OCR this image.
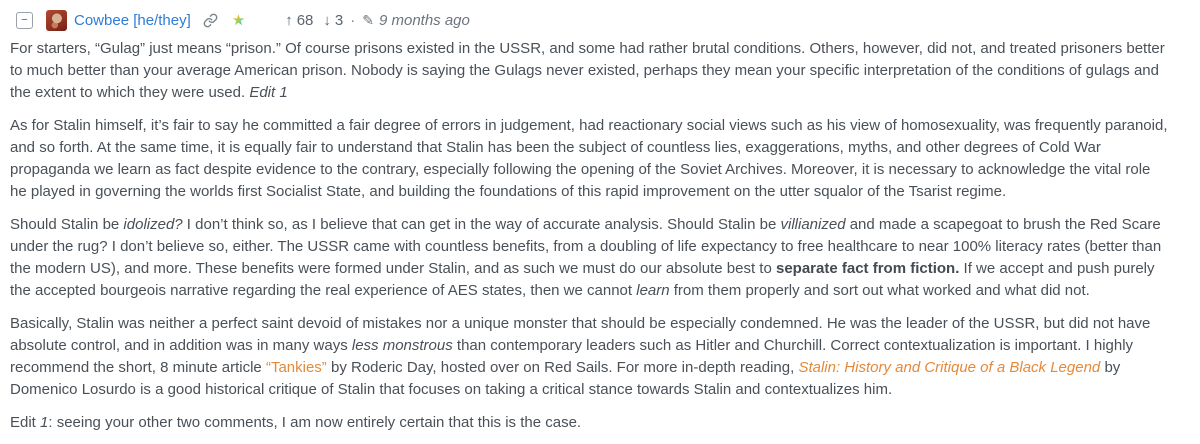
−	Cowbee [he/they]	★	↑ 68 ↓ 3 · ✎ 9 months ago

For starters, “Gulag” just means “prison.” Of course prisons existed in the USSR, and some had rather brutal conditions. Others, however, did not, and treated prisoners better to much better than your average American prison. Nobody is saying the Gulags never existed, perhaps they mean your specific interpretation of the conditions of gulags and the extent to which they were used. Edit 1

As for Stalin himself, it’s fair to say he committed a fair degree of errors in judgement, had reactionary social views such as his view of homosexuality, was frequently paranoid, and so forth. At the same time, it is equally fair to understand that Stalin has been the subject of countless lies, exaggerations, myths, and other degrees of Cold War propaganda we learn as fact despite evidence to the contrary, especially following the opening of the Soviet Archives. Moreover, it is necessary to acknowledge the vital role he played in governing the worlds first Socialist State, and building the foundations of this rapid improvement on the utter squalor of the Tsarist regime.

Should Stalin be idolized? I don’t think so, as I believe that can get in the way of accurate analysis. Should Stalin be villianized and made a scapegoat to brush the Red Scare under the rug? I don’t believe so, either. The USSR came with countless benefits, from a doubling of life expectancy to free healthcare to near 100% literacy rates (better than the modern US), and more. These benefits were formed under Stalin, and as such we must do our absolute best to separate fact from fiction. If we accept and push purely the accepted bourgeois narrative regarding the real experience of AES states, then we cannot learn from them properly and sort out what worked and what did not.

Basically, Stalin was neither a perfect saint devoid of mistakes nor a unique monster that should be especially condemned. He was the leader of the USSR, but did not have absolute control, and in addition was in many ways less monstrous than contemporary leaders such as Hitler and Churchill. Correct contextualization is important. I highly recommend the short, 8 minute article “Tankies” by Roderic Day, hosted over on Red Sails. For more in-depth reading, Stalin: History and Critique of a Black Legend by Domenico Losurdo is a good historical critique of Stalin that focuses on taking a critical stance towards Stalin and contextualizes him.

Edit 1: seeing your other two comments, I am now entirely certain that this is the case.
